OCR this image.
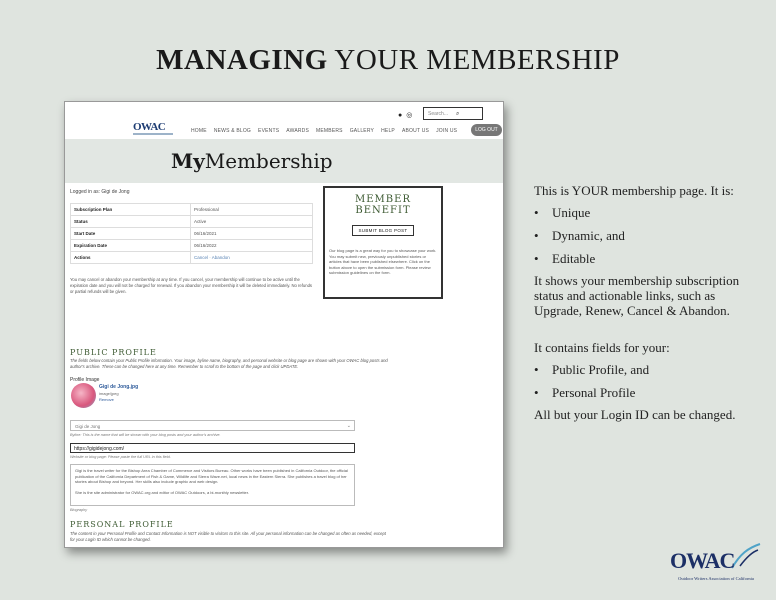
MANAGING YOUR MEMBERSHIP
● ◎	Search...	⌕
OWAC	HOME NEWS & BLOG EVENTS AWARDS MEMBERS GALLERY HELP ABOUT US JOIN US	LOG OUT
MyMembership
Logged in as: Gigi de Jong
Subscription Plan	Professional
Status	Active
Start Date	06/16/2021
Expiration Date	06/16/2022
Actions	Cancel · Abandon
You may cancel or abandon your membership at any time. If you cancel, your membership will continue to be active until the expiration date and you will not be charged for renewal. If you abandon your membership it will be deleted immediately. No refunds or partial refunds will be given.
MEMBER
BENEFIT
SUBMIT BLOG POST
Our blog page is a great way for you to showcase your work. You may submit new, previously unpublished stories or articles that have been published elsewhere. Click on the button above to open the submission form. Please review submission guidelines on the form.
PUBLIC PROFILE
The fields below contain your Public Profile information. Your image, byline name, biography, and personal website or blog page are shown with your OWAC blog posts and author's archive. These can be changed here at any time. Remember to scroll to the bottom of the page and click UPDATE.
Profile Image
Gigi de Jong.jpg
image/jpeg
Remove
Gigi de Jong	⌄
Byline: This is the name that will be shown with your blog posts and your author's archive.
https://gigidejong.com/
Website or blog page: Please paste the full URL in this field.

Gigi is the travel writer for the Bishop Area Chamber of Commerce and Visitors Bureau. Other works have been published in California Outdoor, the official publication of the California Department of Fish & Game, Wildlife and Sierra Wave.net, local news in the Eastern Sierra. She publishes a travel blog of her stories about Bishop and beyond. Her skills also include graphic and web design.

She is the site administrator for OWAC.org and editor of OWAC Outdoors, a bi-monthly newsletter.

Biography
PERSONAL PROFILE
The content in your Personal Profile and Contact Information is NOT visible to visitors to this site. All your personal information can be changed as often as needed, except for your Login ID which cannot be changed.
This is YOUR membership page. It is:
Unique
Dynamic, and
Editable
It shows your membership subscription status and actionable links, such as Upgrade, Renew, Cancel & Abandon.
It contains fields for your:
Public Profile, and
Personal Profile
All but your Login ID can be changed.
OWAC
Outdoor Writers Association of California
